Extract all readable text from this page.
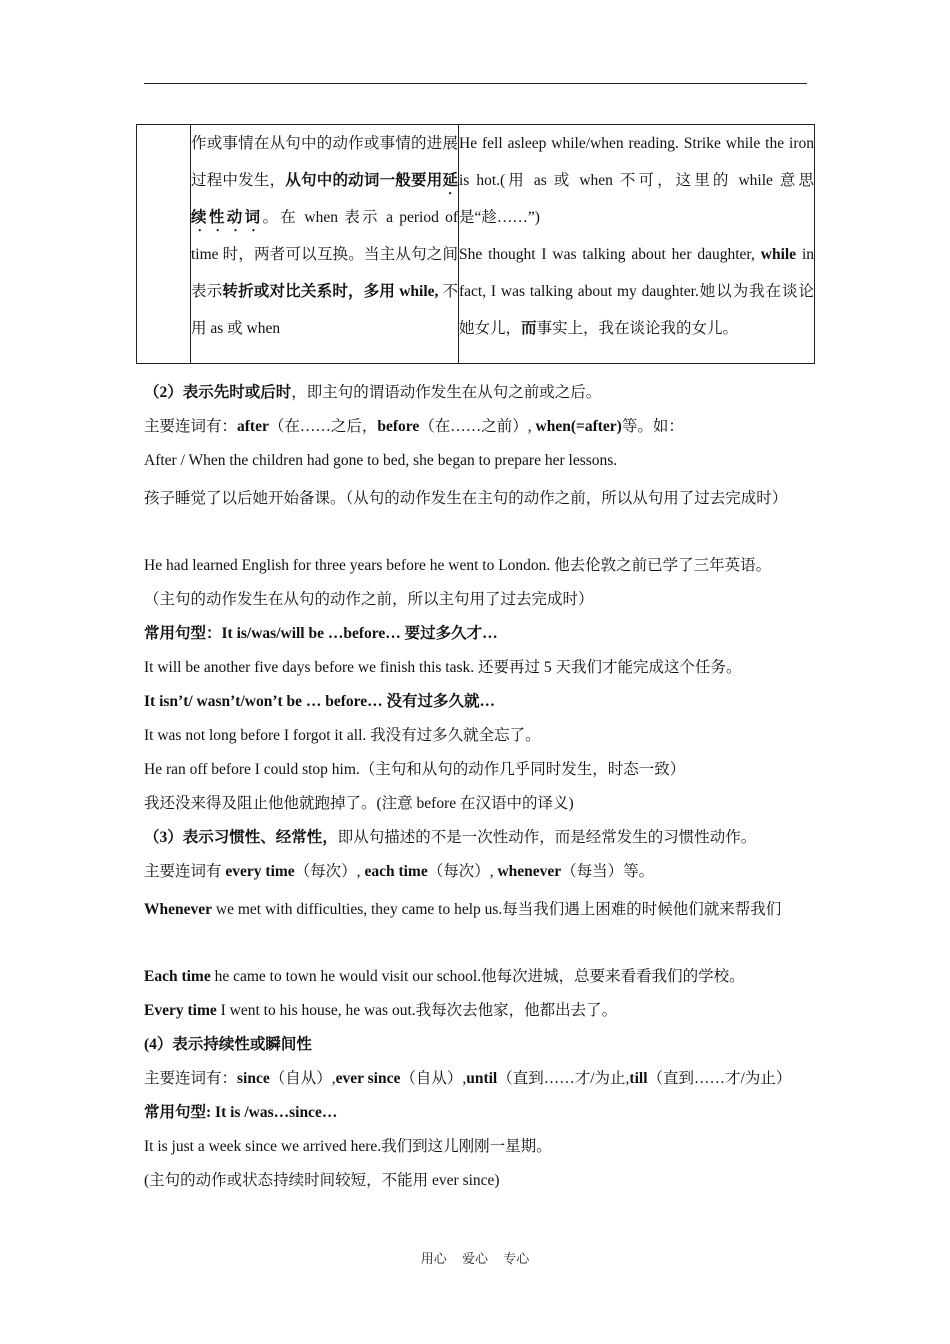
	作或事情在从句中的动作或事情的进展过程中发生，从句中的动词一般要用延续性动词。在 when 表示 a period of time 时，两者可以互换。当主从句之间表示转折或对比关系时，多用 while, 不用 as 或 when	He fell asleep while/when reading. Strike while the iron is hot.(用 as 或 when 不可，这里的 while 意思是“趁……”)
She thought I was talking about her daughter, while in fact, I was talking about my daughter.她以为我在谈论她女儿，而事实上，我在谈论我的女儿。
（2）表示先时或后时，即主句的谓语动作发生在从句之前或之后。
主要连词有：after（在……之后，before（在……之前）, when(=after)等。如：
After / When the children had gone to bed, she began to prepare her lessons.
孩子睡觉了以后她开始备课。（从句的动作发生在主句的动作之前，所以从句用了过去完成时）
He had learned English for three years before he went to London. 他去伦敦之前已学了三年英语。
（主句的动作发生在从句的动作之前，所以主句用了过去完成时）
常用句型：It is/was/will be …before… 要过多久才…
It will be another five days before we finish this task. 还要再过 5 天我们才能完成这个任务。
It isn’t/ wasn’t/won’t be … before… 没有过多久就…
It was not long before I forgot it all. 我没有过多久就全忘了。
He ran off before I could stop him.（主句和从句的动作几乎同时发生，时态一致）
我还没来得及阻止他他就跑掉了。(注意 before 在汉语中的译义)
（3）表示习惯性、经常性，即从句描述的不是一次性动作，而是经常发生的习惯性动作。
主要连词有 every time（每次）, each time（每次）, whenever（每当）等。
Whenever we met with difficulties, they came to help us.每当我们遇上困难的时候他们就来帮我们
Each time he came to town he would visit our school.他每次进城，总要来看看我们的学校。
Every time I went to his house, he was out.我每次去他家，他都出去了。
(4）表示持续性或瞬间性
主要连词有：since（自从）,ever since（自从）,until（直到……才/为止,till（直到……才/为止）
常用句型: It is /was…since…
It is just a week since we arrived here.我们到这儿刚刚一星期。
(主句的动作或状态持续时间较短，不能用 ever since)
用心 爱心 专心
